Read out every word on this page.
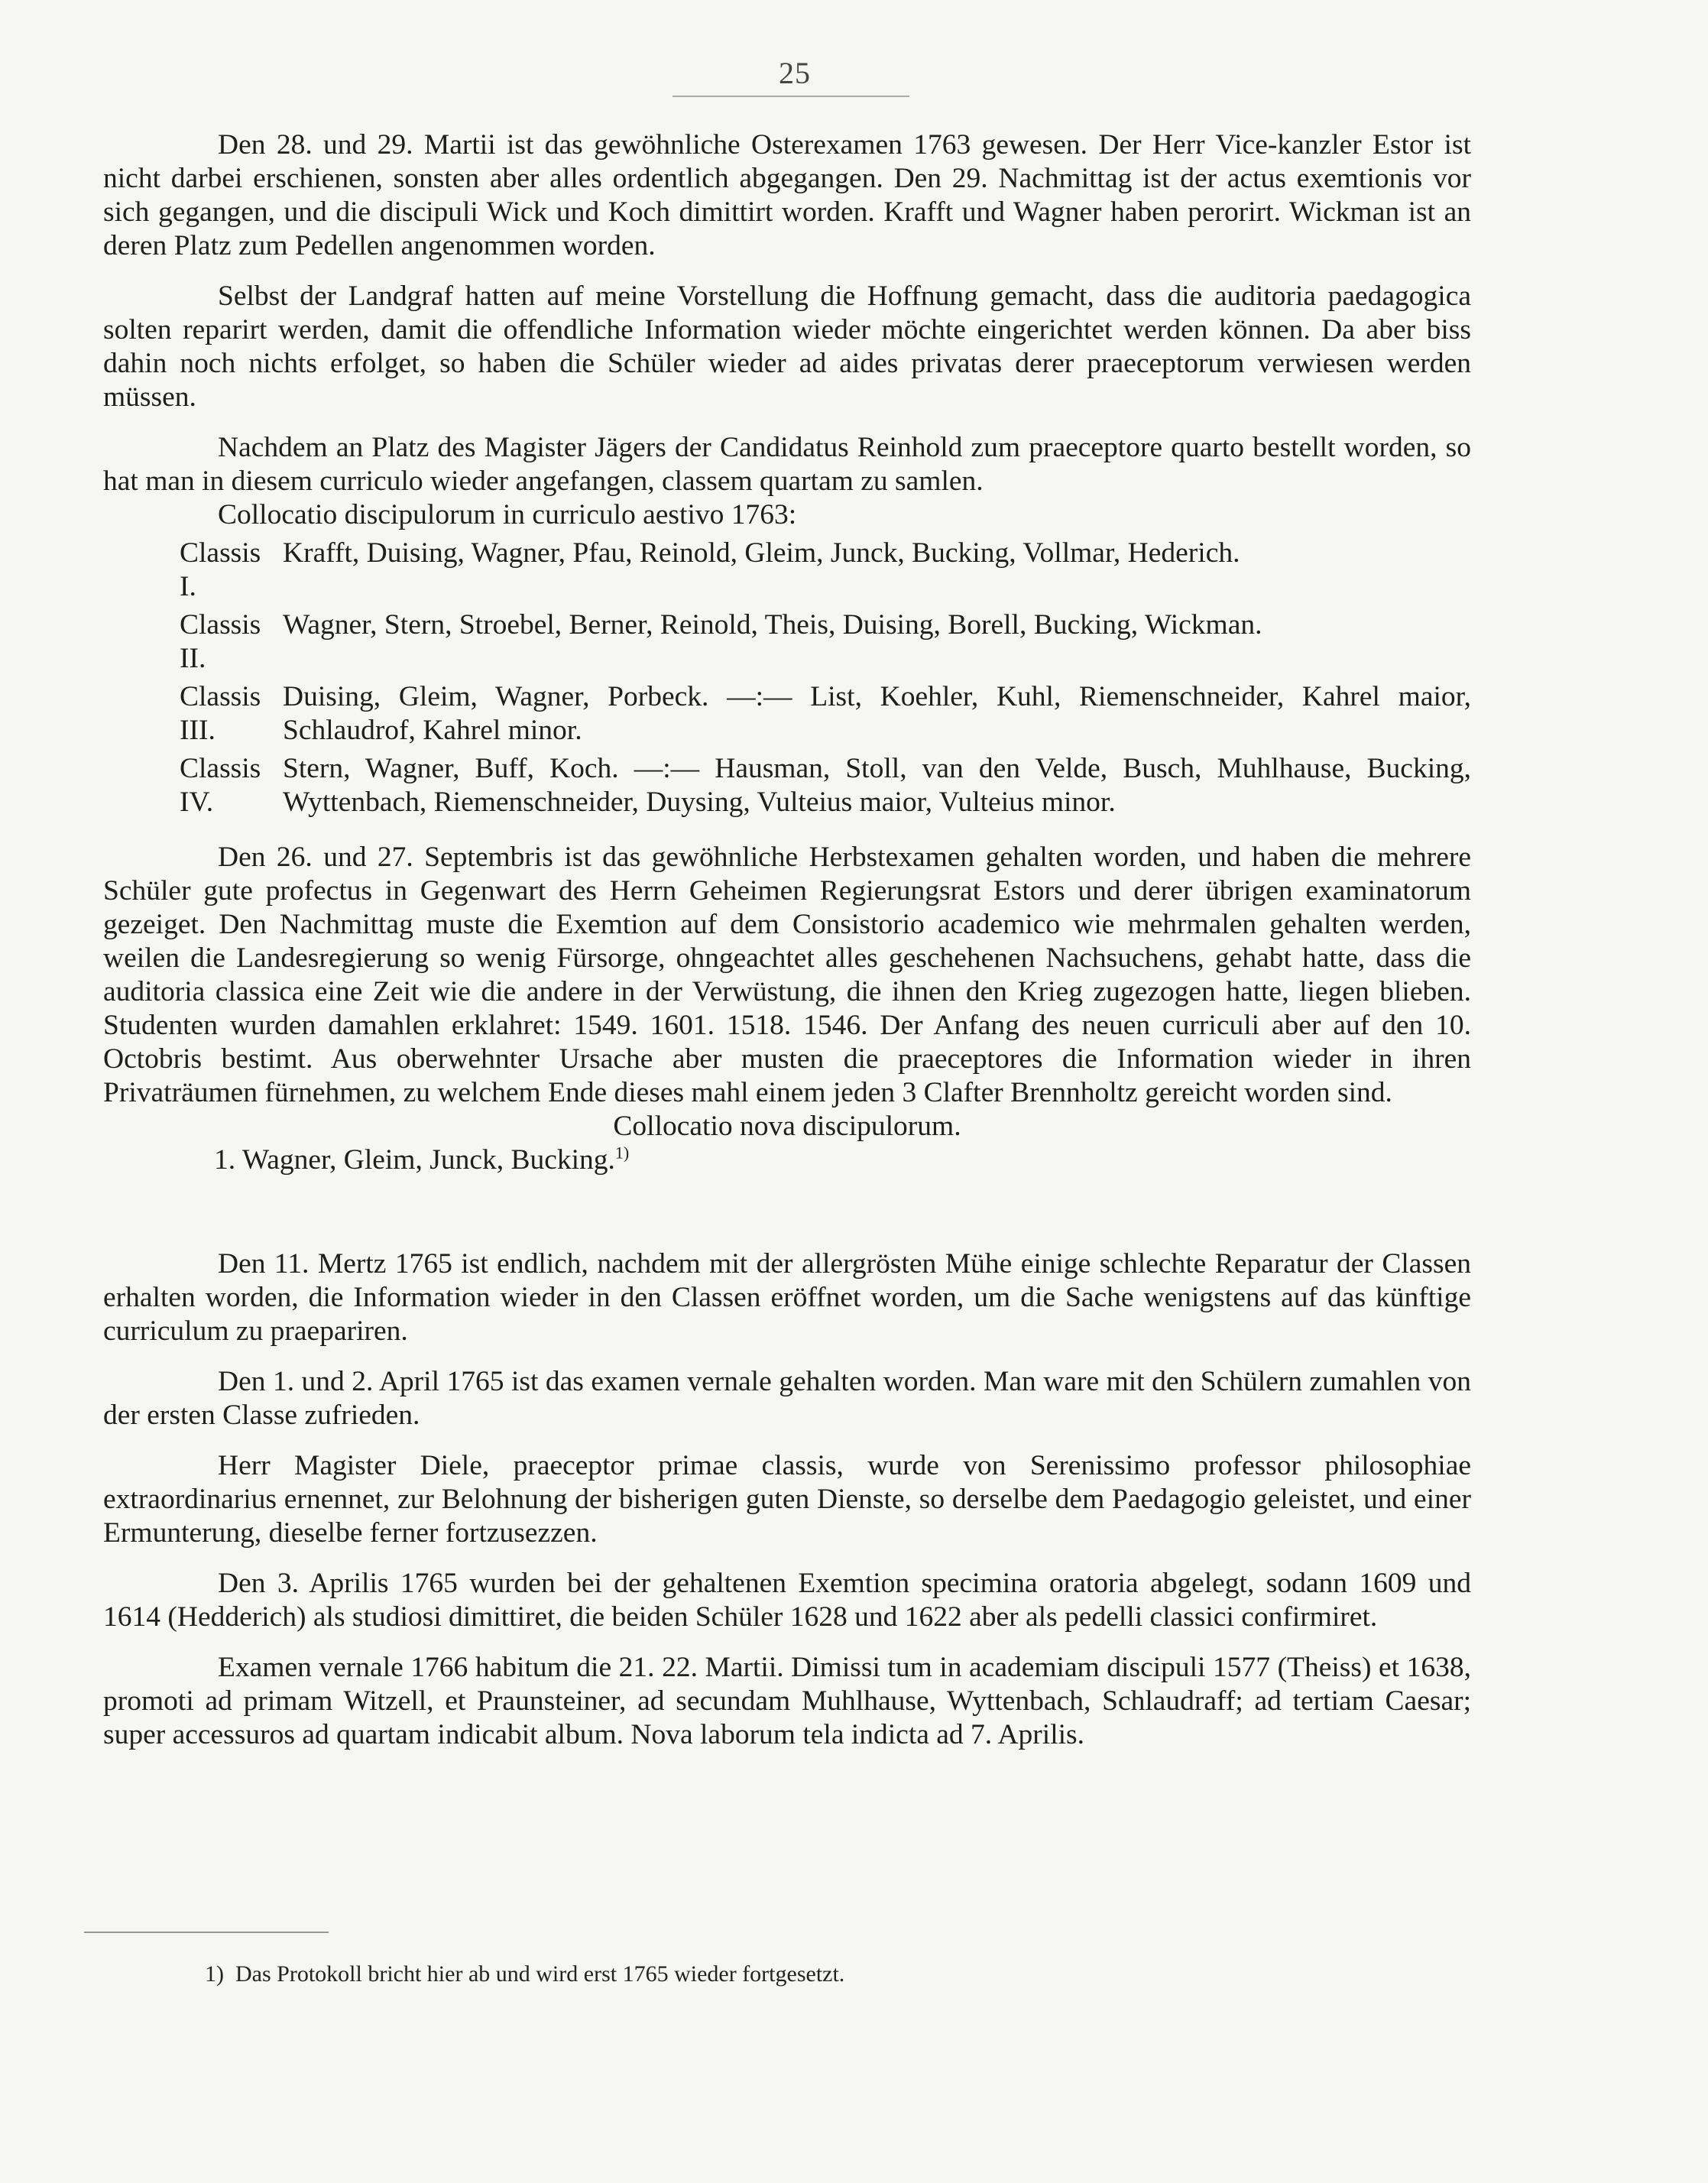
25

Den 28. und 29. Martii ist das gewöhnliche Osterexamen 1763 gewesen. Der Herr Vice-kanzler Estor ist nicht darbei erschienen, sonsten aber alles ordentlich abgegangen. Den 29. Nachmittag ist der actus exemtionis vor sich gegangen, und die discipuli Wick und Koch dimittirt worden. Krafft und Wagner haben perorirt. Wickman ist an deren Platz zum Pedellen angenommen worden.

Selbst der Landgraf hatten auf meine Vorstellung die Hoffnung gemacht, dass die auditoria paedagogica solten reparirt werden, damit die offendliche Information wieder möchte eingerichtet werden können. Da aber biss dahin noch nichts erfolget, so haben die Schüler wieder ad aides privatas derer praeceptorum verwiesen werden müssen.

Nachdem an Platz des Magister Jägers der Candidatus Reinhold zum praeceptore quarto bestellt worden, so hat man in diesem curriculo wieder angefangen, classem quartam zu samlen.

Collocatio discipulorum in curriculo aestivo 1763:

Classis I.
Krafft, Duising, Wagner, Pfau, Reinold, Gleim, Junck, Bucking, Vollmar, Hederich.
Classis II.
Wagner, Stern, Stroebel, Berner, Reinold, Theis, Duising, Borell, Bucking, Wickman.
Classis III.
Duising, Gleim, Wagner, Porbeck. —:— List, Koehler, Kuhl, Riemenschneider, Kahrel maior, Schlaudrof, Kahrel minor.
Classis IV.
Stern, Wagner, Buff, Koch. —:— Hausman, Stoll, van den Velde, Busch, Muhlhause, Bucking, Wyttenbach, Riemenschneider, Duysing, Vulteius maior, Vulteius minor.

Den 26. und 27. Septembris ist das gewöhnliche Herbstexamen gehalten worden, und haben die mehrere Schüler gute profectus in Gegenwart des Herrn Geheimen Regierungsrat Estors und derer übrigen examinatorum gezeiget. Den Nachmittag muste die Exemtion auf dem Consistorio academico wie mehrmalen gehalten werden, weilen die Landesregierung so wenig Fürsorge, ohngeachtet alles geschehenen Nachsuchens, gehabt hatte, dass die auditoria classica eine Zeit wie die andere in der Verwüstung, die ihnen den Krieg zugezogen hatte, liegen blieben. Studenten wurden damahlen erklahret: 1549. 1601. 1518. 1546. Der Anfang des neuen curriculi aber auf den 10. Octobris bestimt. Aus oberwehnter Ursache aber musten die praeceptores die Information wieder in ihren Privaträumen fürnehmen, zu welchem Ende dieses mahl einem jeden 3 Clafter Brennholtz gereicht worden sind.

Collocatio nova discipulorum.

1. Wagner, Gleim, Junck, Bucking.$^{1)}$

Den 11. Mertz 1765 ist endlich, nachdem mit der allergrösten Mühe einige schlechte Reparatur der Classen erhalten worden, die Information wieder in den Classen eröffnet worden, um die Sache wenigstens auf das künftige curriculum zu praepariren.

Den 1. und 2. April 1765 ist das examen vernale gehalten worden. Man ware mit den Schülern zumahlen von der ersten Classe zufrieden.

Herr Magister Diele, praeceptor primae classis, wurde von Serenissimo professor philosophiae extraordinarius ernennet, zur Belohnung der bisherigen guten Dienste, so derselbe dem Paedagogio geleistet, und einer Ermunterung, dieselbe ferner fortzusezzen.

Den 3. Aprilis 1765 wurden bei der gehaltenen Exemtion specimina oratoria abgelegt, sodann 1609 und 1614 (Hedderich) als studiosi dimittiret, die beiden Schüler 1628 und 1622 aber als pedelli classici confirmiret.

Examen vernale 1766 habitum die 21. 22. Martii. Dimissi tum in academiam discipuli 1577 (Theiss) et 1638, promoti ad primam Witzell, et Praunsteiner, ad secundam Muhlhause, Wyttenbach, Schlaudraff; ad tertiam Caesar; super accessuros ad quartam indicabit album. Nova laborum tela indicta ad 7. Aprilis.

1) Das Protokoll bricht hier ab und wird erst 1765 wieder fortgesetzt.
